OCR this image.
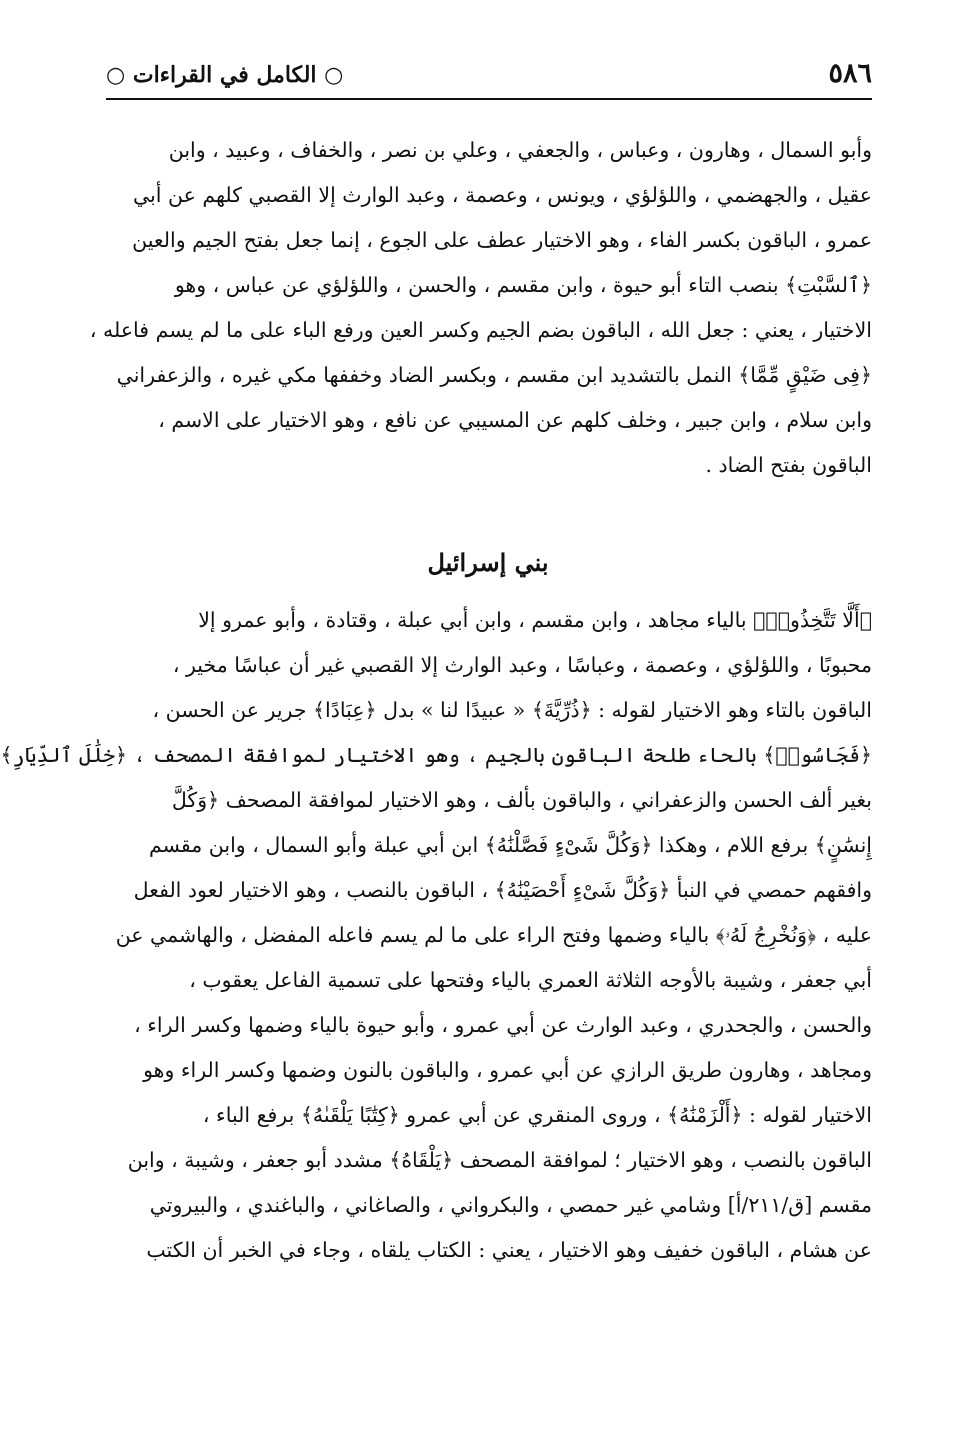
٥٨٦
○ الكامل في القراءات ○
وأبو السمال ، وهارون ، وعباس ، والجعفي ، وعلي بن نصر ، والخفاف ، وعبيد ، وابن
عقيل ، والجهضمي ، واللؤلؤي ، ويونس ، وعصمة ، وعبد الوارث إلا القصبي كلهم عن أبي
عمرو ، الباقون بكسر الفاء ، وهو الاختيار عطف على الجوع ، إنما جعل بفتح الجيم والعين
﴿ٱلسَّبْتِ﴾ بنصب التاء أبو حيوة ، وابن مقسم ، والحسن ، واللؤلؤي عن عباس ، وهو
الاختيار ، يعني : جعل الله ، الباقون بضم الجيم وكسر العين ورفع الباء على ما لم يسم فاعله ،
﴿فِى ضَيْقٍ مِّمَّا﴾ النمل بالتشديد ابن مقسم ، وبكسر الضاد وخففها مكي غيره ، والزعفراني
وابن سلام ، وابن جبير ، وخلف كلهم عن المسيبي عن نافع ، وهو الاختيار على الاسم ،
الباقون بفتح الضاد .
بني إسرائيل
﴿أَلَّا تَتَّخِذُوا۟﴾ بالياء مجاهد ، وابن مقسم ، وابن أبي عبلة ، وقتادة ، وأبو عمرو إلا
محبوبًا ، واللؤلؤي ، وعصمة ، وعباسًا ، وعبد الوارث إلا القصبي غير أن عباسًا مخير ،
الباقون بالتاء وهو الاختيار لقوله : ﴿ذُرِّيَّةَ﴾ « عبيدًا لنا » بدل ﴿عِبَادًا﴾ جرير عن الحسن ،
﴿فَجَاسُوا۟﴾ بالحاء طلحة الباقون بالجيم ، وهو الاختيار لموافقة المصحف ، ﴿خِلَٰلَ ٱلدِّيَارِ﴾
بغير ألف الحسن والزعفراني ، والباقون بألف ، وهو الاختيار لموافقة المصحف ﴿وَكُلَّ
إِنسَٰنٍ﴾ برفع اللام ، وهكذا ﴿وَكُلَّ شَىْءٍ فَصَّلْنَٰهُ﴾ ابن أبي عبلة وأبو السمال ، وابن مقسم
وافقهم حمصي في النبأ ﴿وَكُلَّ شَىْءٍ أَحْصَيْنَٰهُ﴾ ، الباقون بالنصب ، وهو الاختيار لعود الفعل
عليه ، ﴿وَنُخْرِجُ لَهُۥ﴾ بالياء وضمها وفتح الراء على ما لم يسم فاعله المفضل ، والهاشمي عن
أبي جعفر ، وشيبة بالأوجه الثلاثة العمري بالياء وفتحها على تسمية الفاعل يعقوب ،
والحسن ، والجحدري ، وعبد الوارث عن أبي عمرو ، وأبو حيوة بالياء وضمها وكسر الراء ،
ومجاهد ، وهارون طريق الرازي عن أبي عمرو ، والباقون بالنون وضمها وكسر الراء وهو
الاختيار لقوله : ﴿أَلْزَمْنَٰهُ﴾ ، وروى المنقري عن أبي عمرو ﴿كِتَٰبًا يَلْقَىٰهُ﴾ برفع الباء ،
الباقون بالنصب ، وهو الاختيار ؛ لموافقة المصحف ﴿يَلْقَاهُ﴾ مشدد أبو جعفر ، وشيبة ، وابن
مقسم [ق/٢١١/أ] وشامي غير حمصي ، والبكرواني ، والصاغاني ، والباغندي ، والبيروتي
عن هشام ، الباقون خفيف وهو الاختيار ، يعني : الكتاب يلقاه ، وجاء في الخبر أن الكتب
